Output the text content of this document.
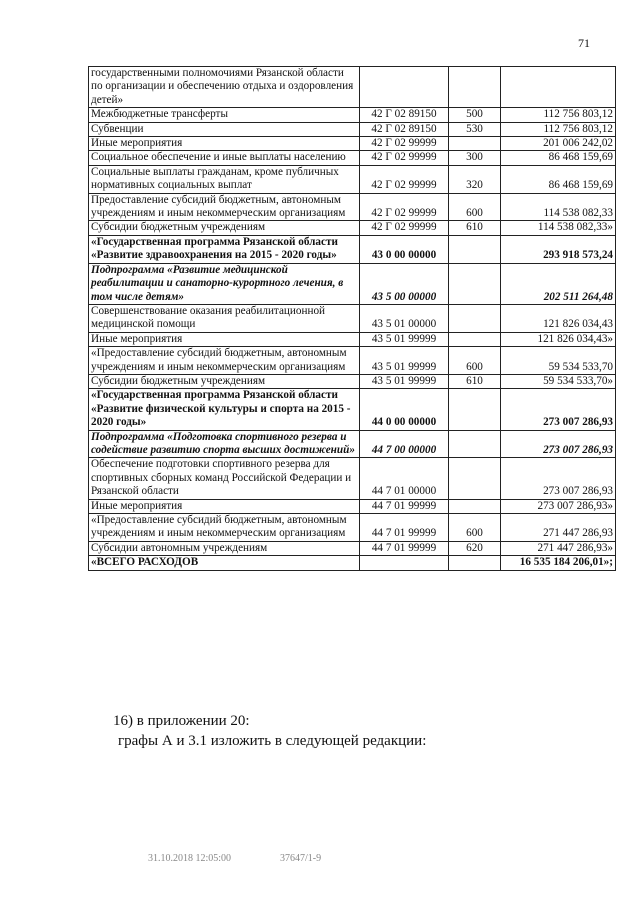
71
государственными полномочиями Рязанской области по организации и обеспечению отдыха и оздоровления детей»			
Межбюджетные трансферты	42 Г 02 89150	500	112 756 803,12
Субвенции	42 Г 02 89150	530	112 756 803,12
Иные мероприятия	42 Г 02 99999		201 006 242,02
Социальное обеспечение и иные выплаты населению	42 Г 02 99999	300	86 468 159,69
Социальные выплаты гражданам, кроме публичных нормативных социальных выплат	42 Г 02 99999	320	86 468 159,69
Предоставление субсидий бюджетным, автономным учреждениям и иным некоммерческим организациям	42 Г 02 99999	600	114 538 082,33
Субсидии бюджетным учреждениям	42 Г 02 99999	610	114 538 082,33»
«Государственная программа Рязанской области «Развитие здравоохранения на 2015 - 2020 годы»	43 0 00 00000		293 918 573,24
Подпрограмма «Развитие медицинской реабилитации и санаторно-курортного лечения, в том числе детям»	43 5 00 00000		202 511 264,48
Совершенствование оказания реабилитационной медицинской помощи	43 5 01 00000		121 826 034,43
Иные мероприятия	43 5 01 99999		121 826 034,43»
«Предоставление субсидий бюджетным, автономным учреждениям и иным некоммерческим организациям	43 5 01 99999	600	59 534 533,70
Субсидии бюджетным учреждениям	43 5 01 99999	610	59 534 533,70»
«Государственная программа Рязанской области «Развитие физической культуры и спорта на 2015 - 2020 годы»	44 0 00 00000		273 007 286,93
Подпрограмма «Подготовка спортивного резерва и содействие развитию спорта высших достижений»	44 7 00 00000		273 007 286,93
Обеспечение подготовки спортивного резерва для спортивных сборных команд Российской Федерации и Рязанской области	44 7 01 00000		273 007 286,93
Иные мероприятия	44 7 01 99999		273 007 286,93»
«Предоставление субсидий бюджетным, автономным учреждениям и иным некоммерческим организациям	44 7 01 99999	600	271 447 286,93
Субсидии автономным учреждениям	44 7 01 99999	620	271 447 286,93»
«ВСЕГО РАСХОДОВ			16 535 184 206,01»;
16) в приложении 20:
графы А и 3.1 изложить в следующей редакции:
31.10.2018 12:05:00	37647/1-9
